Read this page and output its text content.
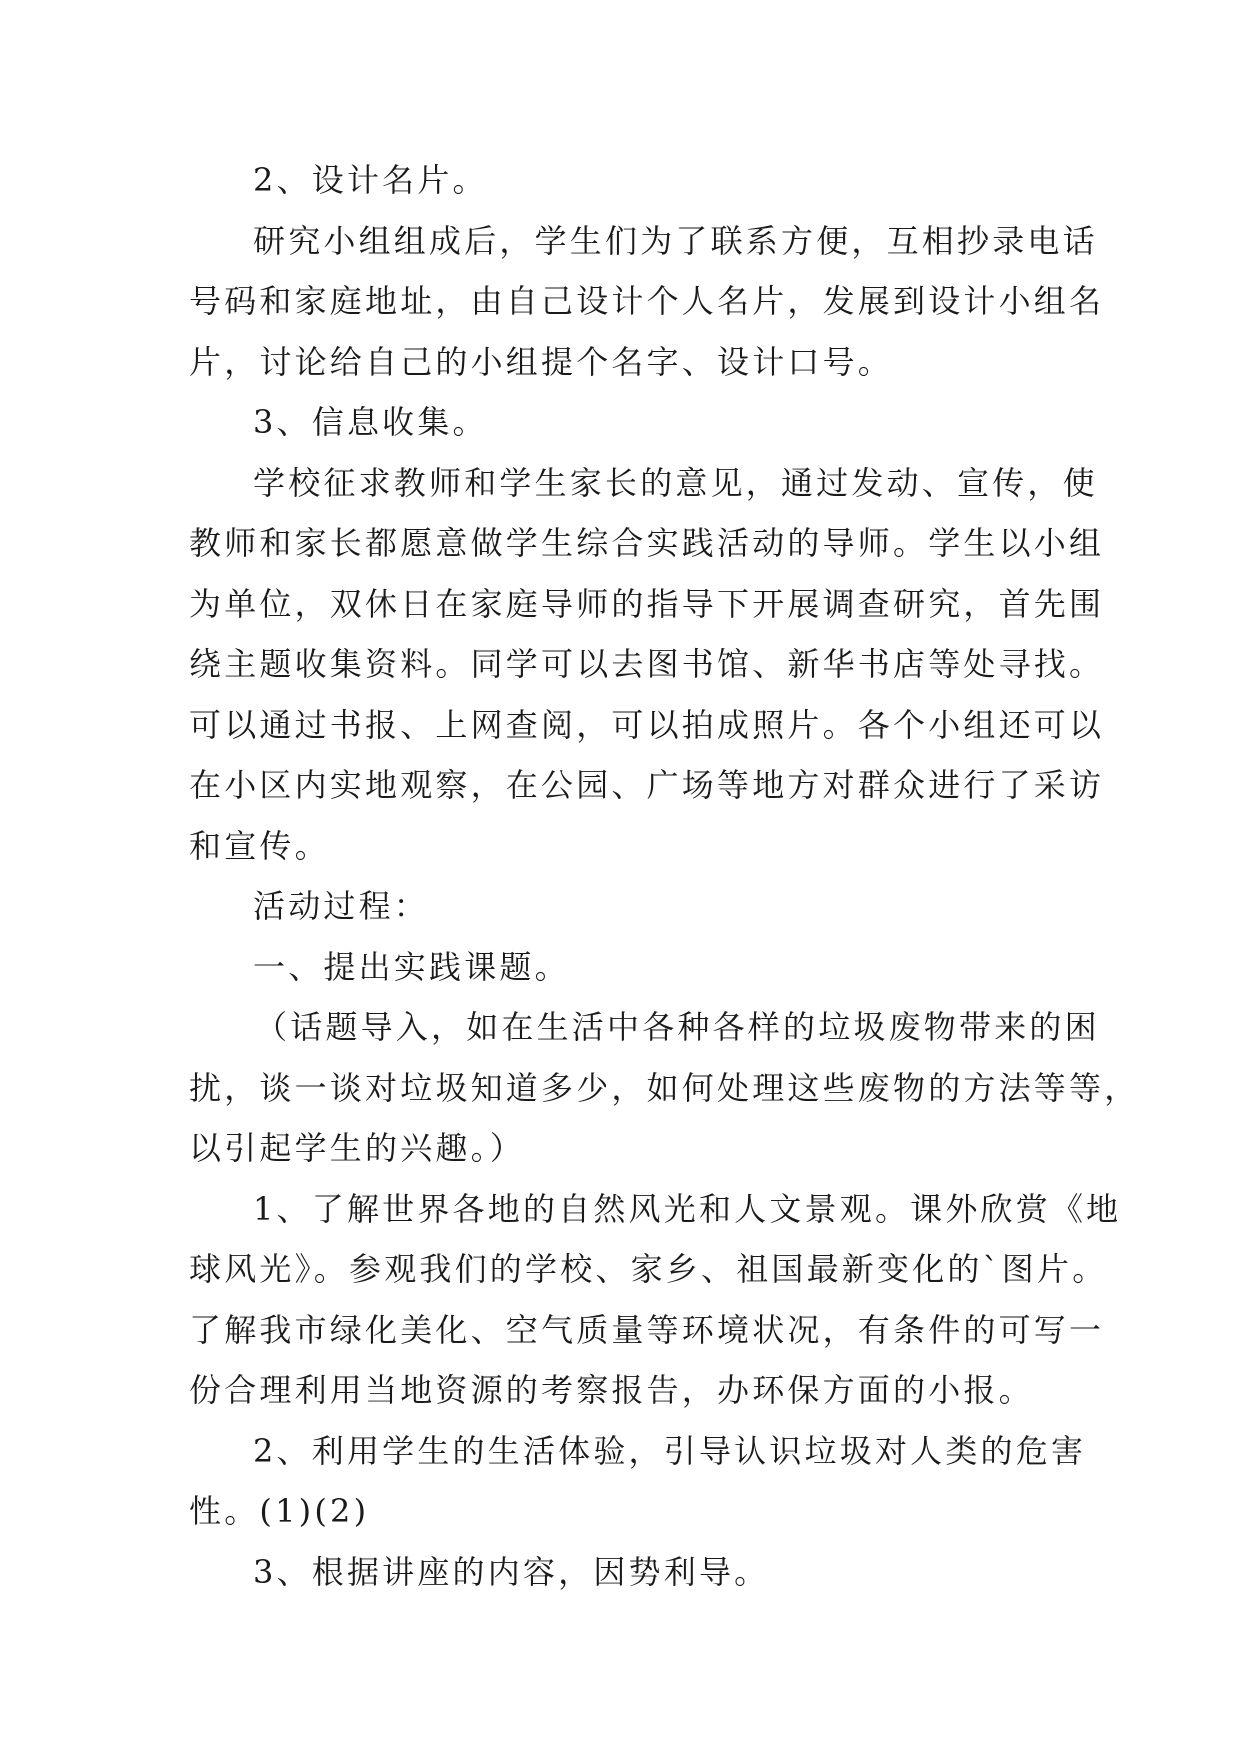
2、设计名片。
研究小组组成后，学生们为了联系方便，互相抄录电话
号码和家庭地址，由自己设计个人名片，发展到设计小组名
片，讨论给自己的小组提个名字、设计口号。
3、信息收集。
学校征求教师和学生家长的意见，通过发动、宣传，使
教师和家长都愿意做学生综合实践活动的导师。学生以小组
为单位，双休日在家庭导师的指导下开展调查研究，首先围
绕主题收集资料。同学可以去图书馆、新华书店等处寻找。
可以通过书报、上网查阅，可以拍成照片。各个小组还可以
在小区内实地观察，在公园、广场等地方对群众进行了采访
和宣传。
活动过程：
一、提出实践课题。
（话题导入，如在生活中各种各样的垃圾废物带来的困
扰，谈一谈对垃圾知道多少，如何处理这些废物的方法等等，
以引起学生的兴趣。）
1、了解世界各地的自然风光和人文景观。课外欣赏《地
球风光》。参观我们的学校、家乡、祖国最新变化的`图片。
了解我市绿化美化、空气质量等环境状况，有条件的可写一
份合理利用当地资源的考察报告，办环保方面的小报。
2、利用学生的生活体验，引导认识垃圾对人类的危害
性。(1)(2)
3、根据讲座的内容，因势利导。
